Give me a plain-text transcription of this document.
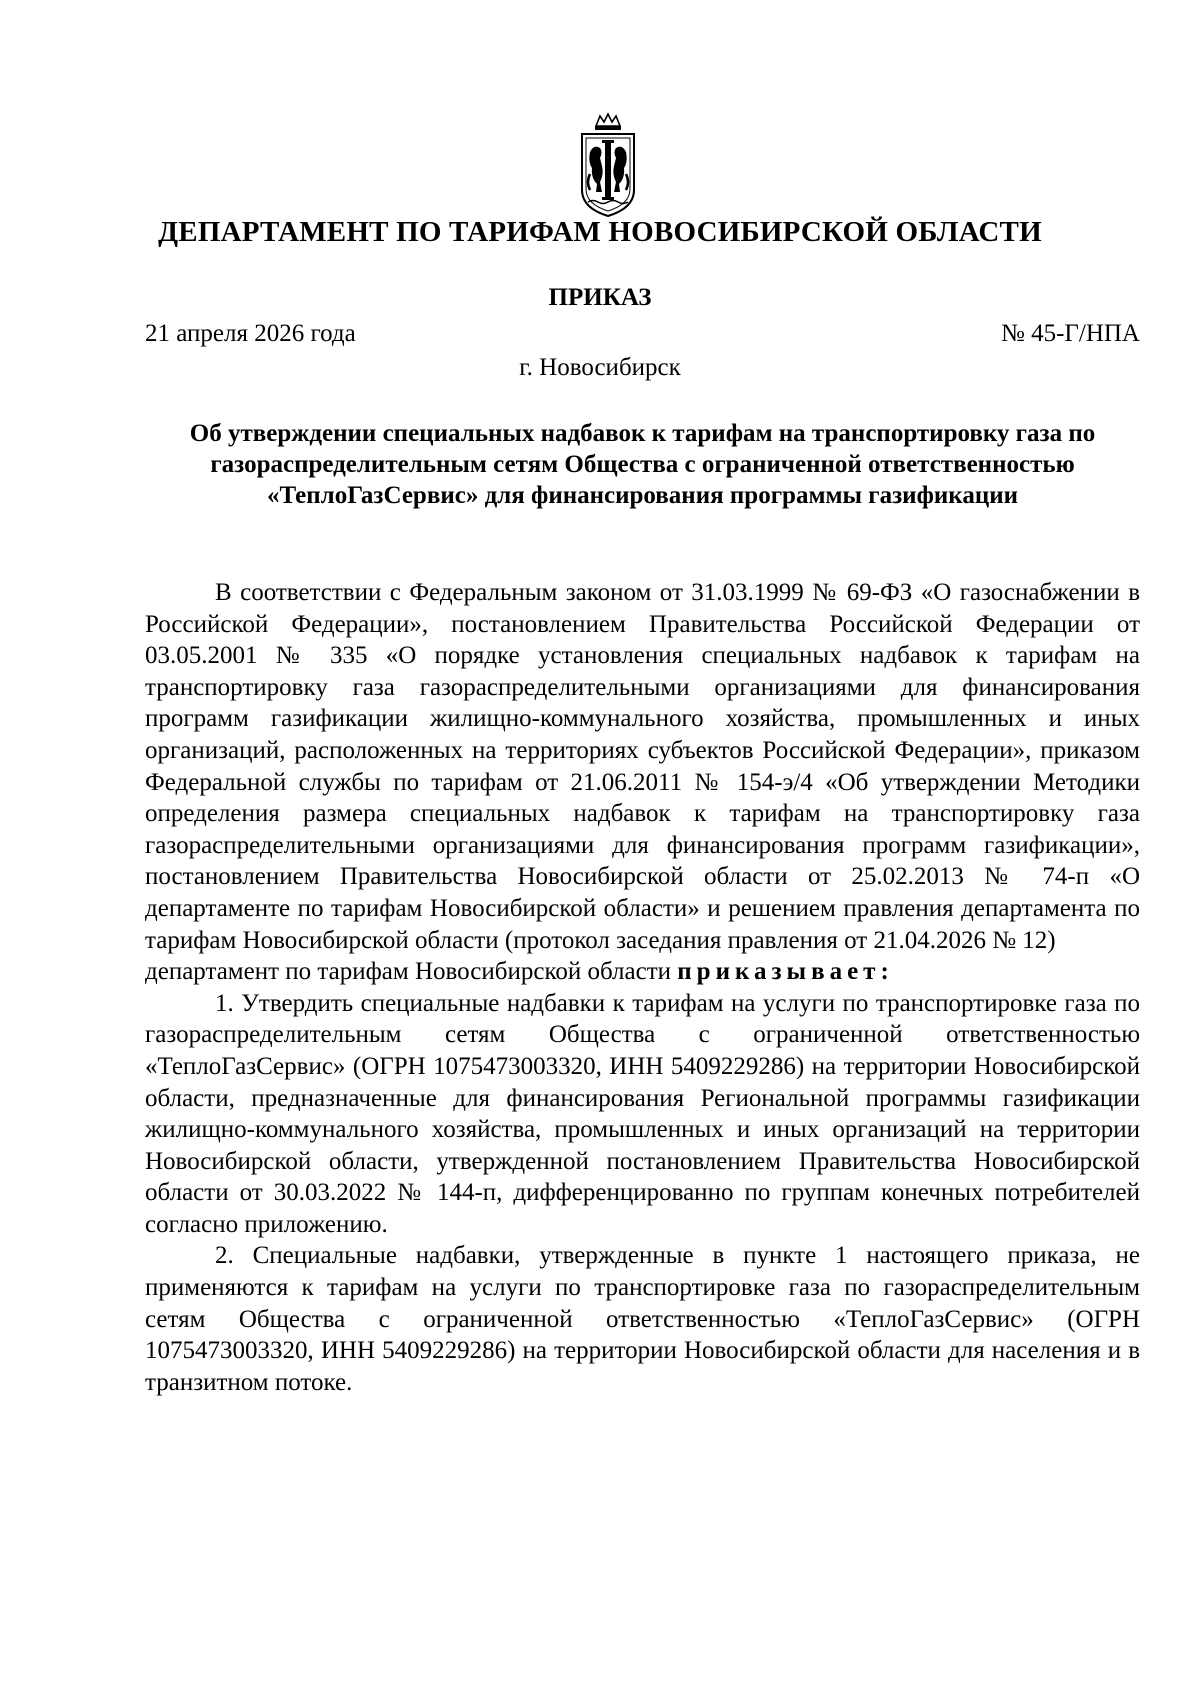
ДЕПАРТАМЕНТ ПО ТАРИФАМ НОВОСИБИРСКОЙ ОБЛАСТИ
ПРИКАЗ
21 апреля 2026 года	№ 45-Г/НПА
г. Новосибирск
Об утверждении специальных надбавок к тарифам на транспортировку газа по газораспределительным сетям Общества с ограниченной ответственностью «ТеплоГазСервис» для финансирования программы газификации

В соответствии с Федеральным законом от 31.03.1999 № 69-ФЗ «О газоснабжении в Российской Федерации», постановлением Правительства Российской Федерации от 03.05.2001 № 335 «О порядке установления специальных надбавок к тарифам на транспортировку газа газораспределительными организациями для финансирования программ газификации жилищно-коммунального хозяйства, промышленных и иных организаций, расположенных на территориях субъектов Российской Федерации», приказом Федеральной службы по тарифам от 21.06.2011 № 154-э/4 «Об утверждении Методики определения размера специальных надбавок к тарифам на транспортировку газа газораспределительными организациями для финансирования программ газификации», постановлением Правительства Новосибирской области от 25.02.2013 № 74-п «О департаменте по тарифам Новосибирской области» и решением правления департамента по тарифам Новосибирской области (протокол заседания правления от 21.04.2026 № 12)

департамент по тарифам Новосибирской области приказывает:

1. Утвердить специальные надбавки к тарифам на услуги по транспортировке газа по газораспределительным сетям Общества с ограниченной ответственностью «ТеплоГазСервис» (ОГРН 1075473003320, ИНН 5409229286) на территории Новосибирской области, предназначенные для финансирования Региональной программы газификации жилищно-коммунального хозяйства, промышленных и иных организаций на территории Новосибирской области, утвержденной постановлением Правительства Новосибирской области от 30.03.2022 № 144-п, дифференцированно по группам конечных потребителей согласно приложению.

2. Специальные надбавки, утвержденные в пункте 1 настоящего приказа, не применяются к тарифам на услуги по транспортировке газа по газораспределительным сетям Общества с ограниченной ответственностью «ТеплоГазСервис» (ОГРН 1075473003320, ИНН 5409229286) на территории Новосибирской области для населения и в транзитном потоке.
